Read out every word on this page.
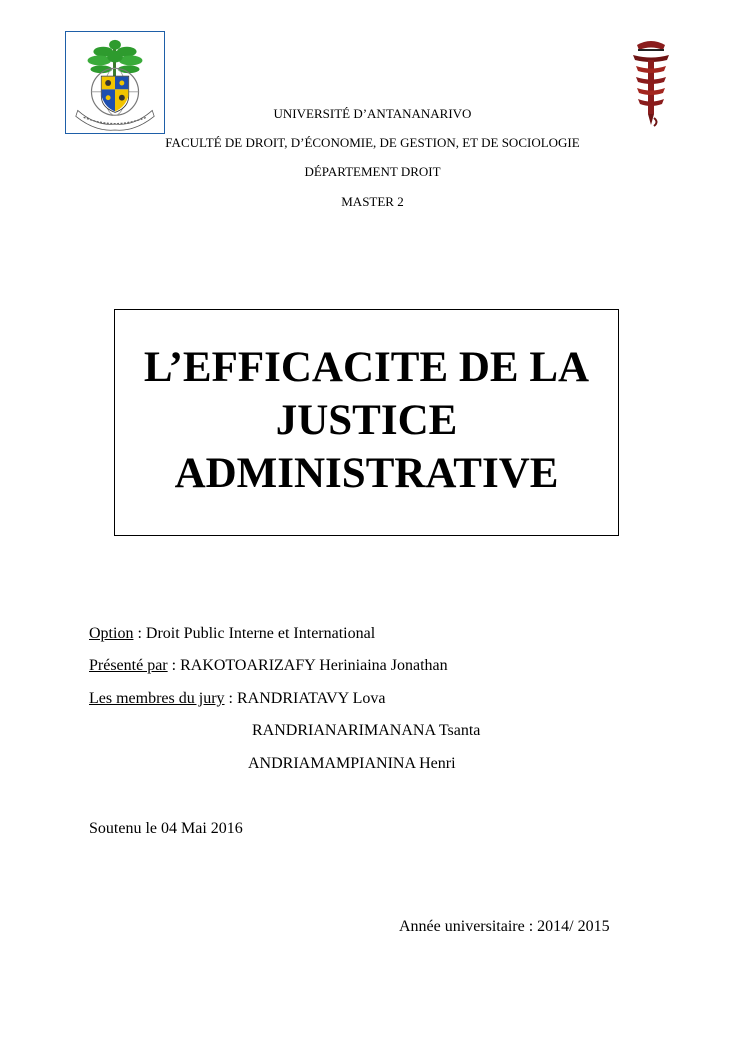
UNIVERSITÉ D’ANTANANARIVO
FACULTÉ DE DROIT, D’ÉCONOMIE, DE GESTION, ET DE SOCIOLOGIE
DÉPARTEMENT DROIT
MASTER 2
L’EFFICACITE DE LA
JUSTICE
ADMINISTRATIVE
Option : Droit Public Interne et International
Présenté par : RAKOTOARIZAFY Heriniaina Jonathan
Les membres du jury : RANDRIATAVY Lova
RANDRIANARIMANANA Tsanta
ANDRIAMAMPIANINA Henri
Soutenu le 04 Mai 2016
Année universitaire : 2014/ 2015
